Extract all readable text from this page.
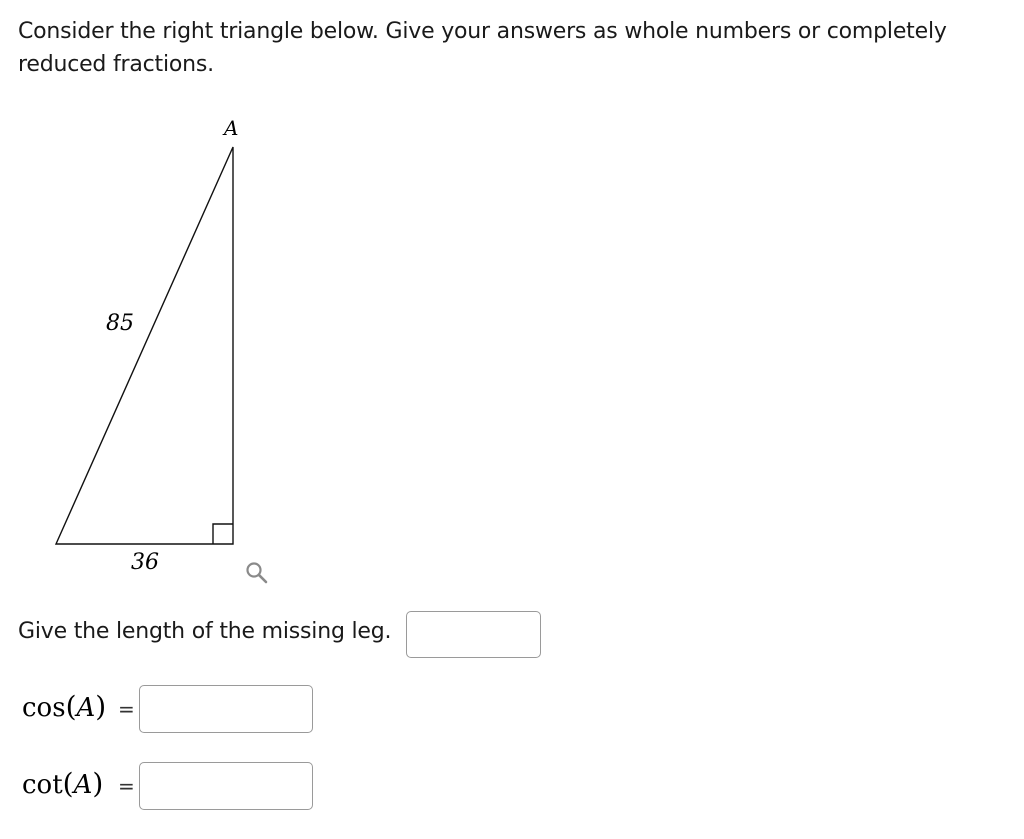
Consider the right triangle below. Give your answers as whole numbers or completely reduced fractions.
A
85
36
Give the length of the missing leg.
cos(A) =
cot(A) =
